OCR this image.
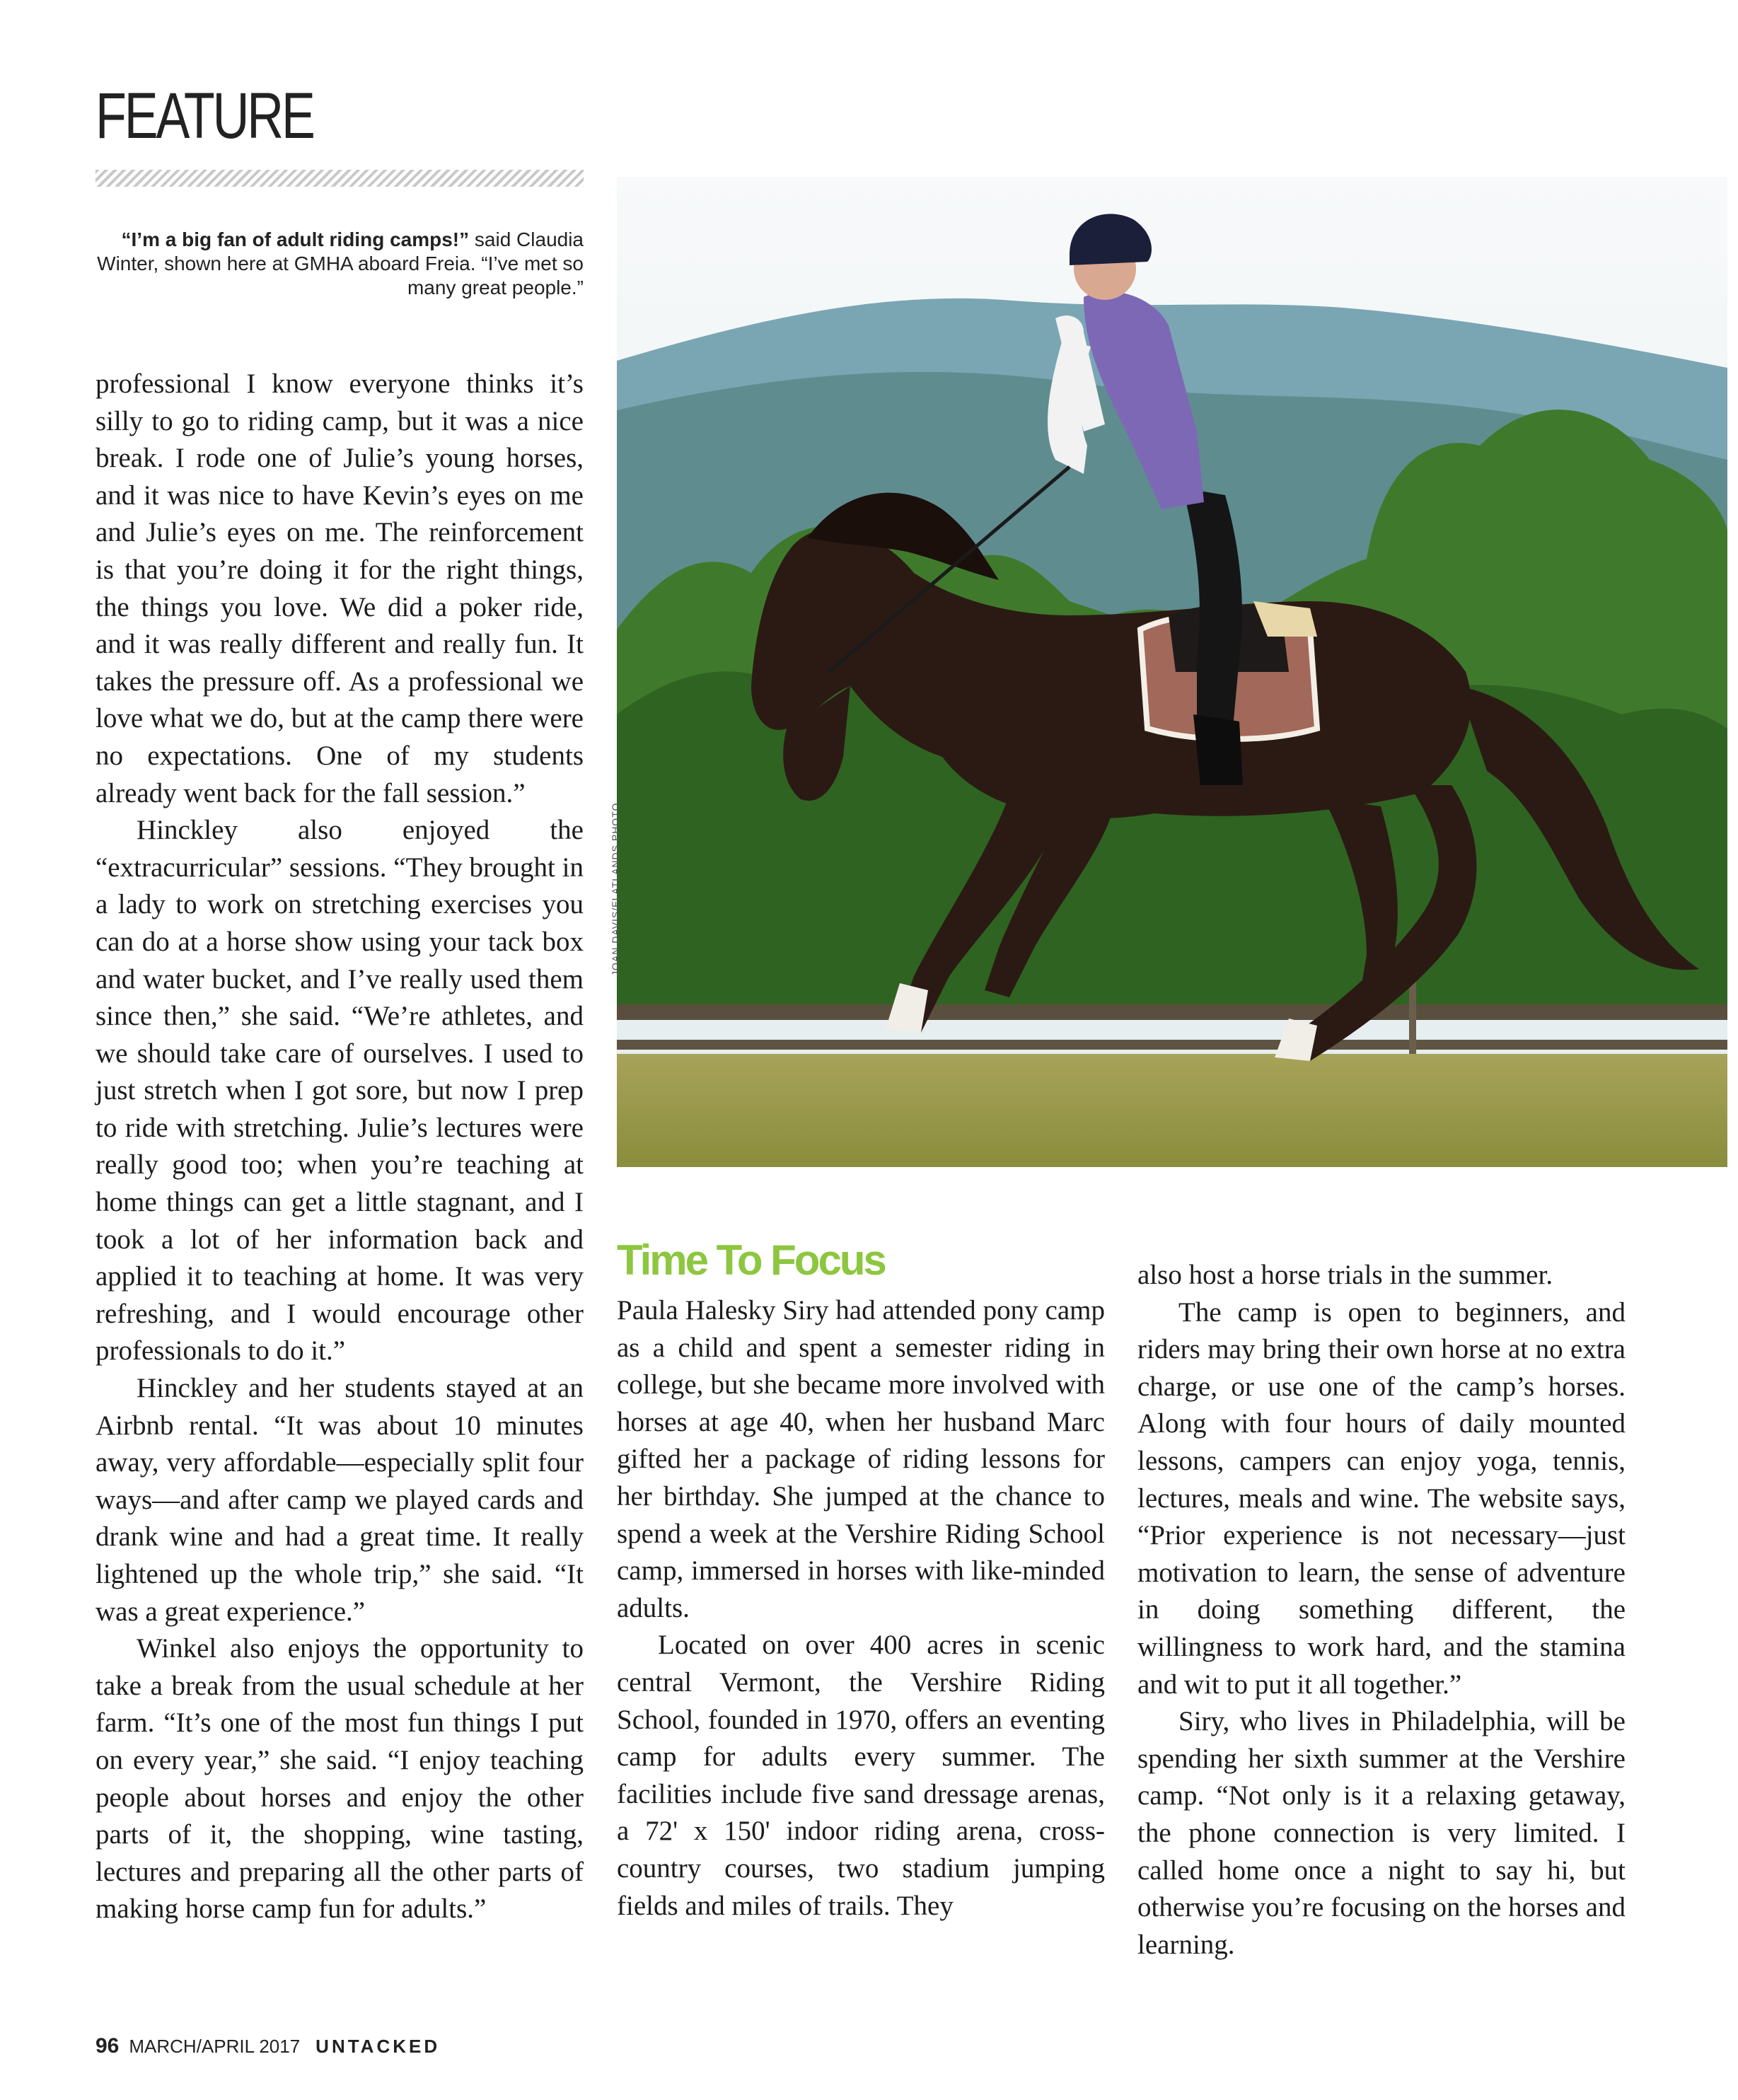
FEATURE
“I’m a big fan of adult riding camps!” said Claudia Winter, shown here at GMHA aboard Freia. “I’ve met so many great people.”
JOAN DAVIS/FLATLANDS PHOTO

professional I know everyone thinks it’s silly to go to riding camp, but it was a nice break. I rode one of Julie’s young horses, and it was nice to have Kevin’s eyes on me and Julie’s eyes on me. The reinforcement is that you’re doing it for the right things, the things you love. We did a poker ride, and it was really different and really fun. It takes the pressure off. As a professional we love what we do, but at the camp there were no expectations. One of my students already went back for the fall session.”

Hinckley also enjoyed the “extracurricular” sessions. “They brought in a lady to work on stretching exercises you can do at a horse show using your tack box and water bucket, and I’ve really used them since then,” she said. “We’re athletes, and we should take care of ourselves. I used to just stretch when I got sore, but now I prep to ride with stretching. Julie’s lectures were really good too; when you’re teaching at home things can get a little stagnant, and I took a lot of her information back and applied it to teaching at home. It was very refreshing, and I would encourage other professionals to do it.”

Hinckley and her students stayed at an Airbnb rental. “It was about 10 minutes away, very affordable—especially split four ways—and after camp we played cards and drank wine and had a great time. It really lightened up the whole trip,” she said. “It was a great experience.”

Winkel also enjoys the opportunity to take a break from the usual schedule at her farm. “It’s one of the most fun things I put on every year,” she said. “I enjoy teaching people about horses and enjoy the other parts of it, the shopping, wine tasting, lectures and preparing all the other parts of making horse camp fun for adults.”

Time To Focus

Paula Halesky Siry had attended pony camp as a child and spent a semester riding in college, but she became more involved with horses at age 40, when her husband Marc gifted her a package of riding lessons for her birthday. She jumped at the chance to spend a week at the Vershire Riding School camp, immersed in horses with like-minded adults.

Located on over 400 acres in scenic central Vermont, the Vershire Riding School, founded in 1970, offers an eventing camp for adults every summer. The facilities include five sand dressage arenas, a 72' x 150' indoor riding arena, cross-country courses, two stadium jumping fields and miles of trails. They

also host a horse trials in the summer.

The camp is open to beginners, and riders may bring their own horse at no extra charge, or use one of the camp’s horses. Along with four hours of daily mounted lessons, campers can enjoy yoga, tennis, lectures, meals and wine. The website says, “Prior experience is not necessary—just motivation to learn, the sense of adventure in doing something different, the willingness to work hard, and the stamina and wit to put it all together.”

Siry, who lives in Philadelphia, will be spending her sixth summer at the Vershire camp. “Not only is it a relaxing getaway, the phone connection is very limited. I called home once a night to say hi, but otherwise you’re focusing on the horses and learning.

96 MARCH/APRIL 2017 UNTACKED
